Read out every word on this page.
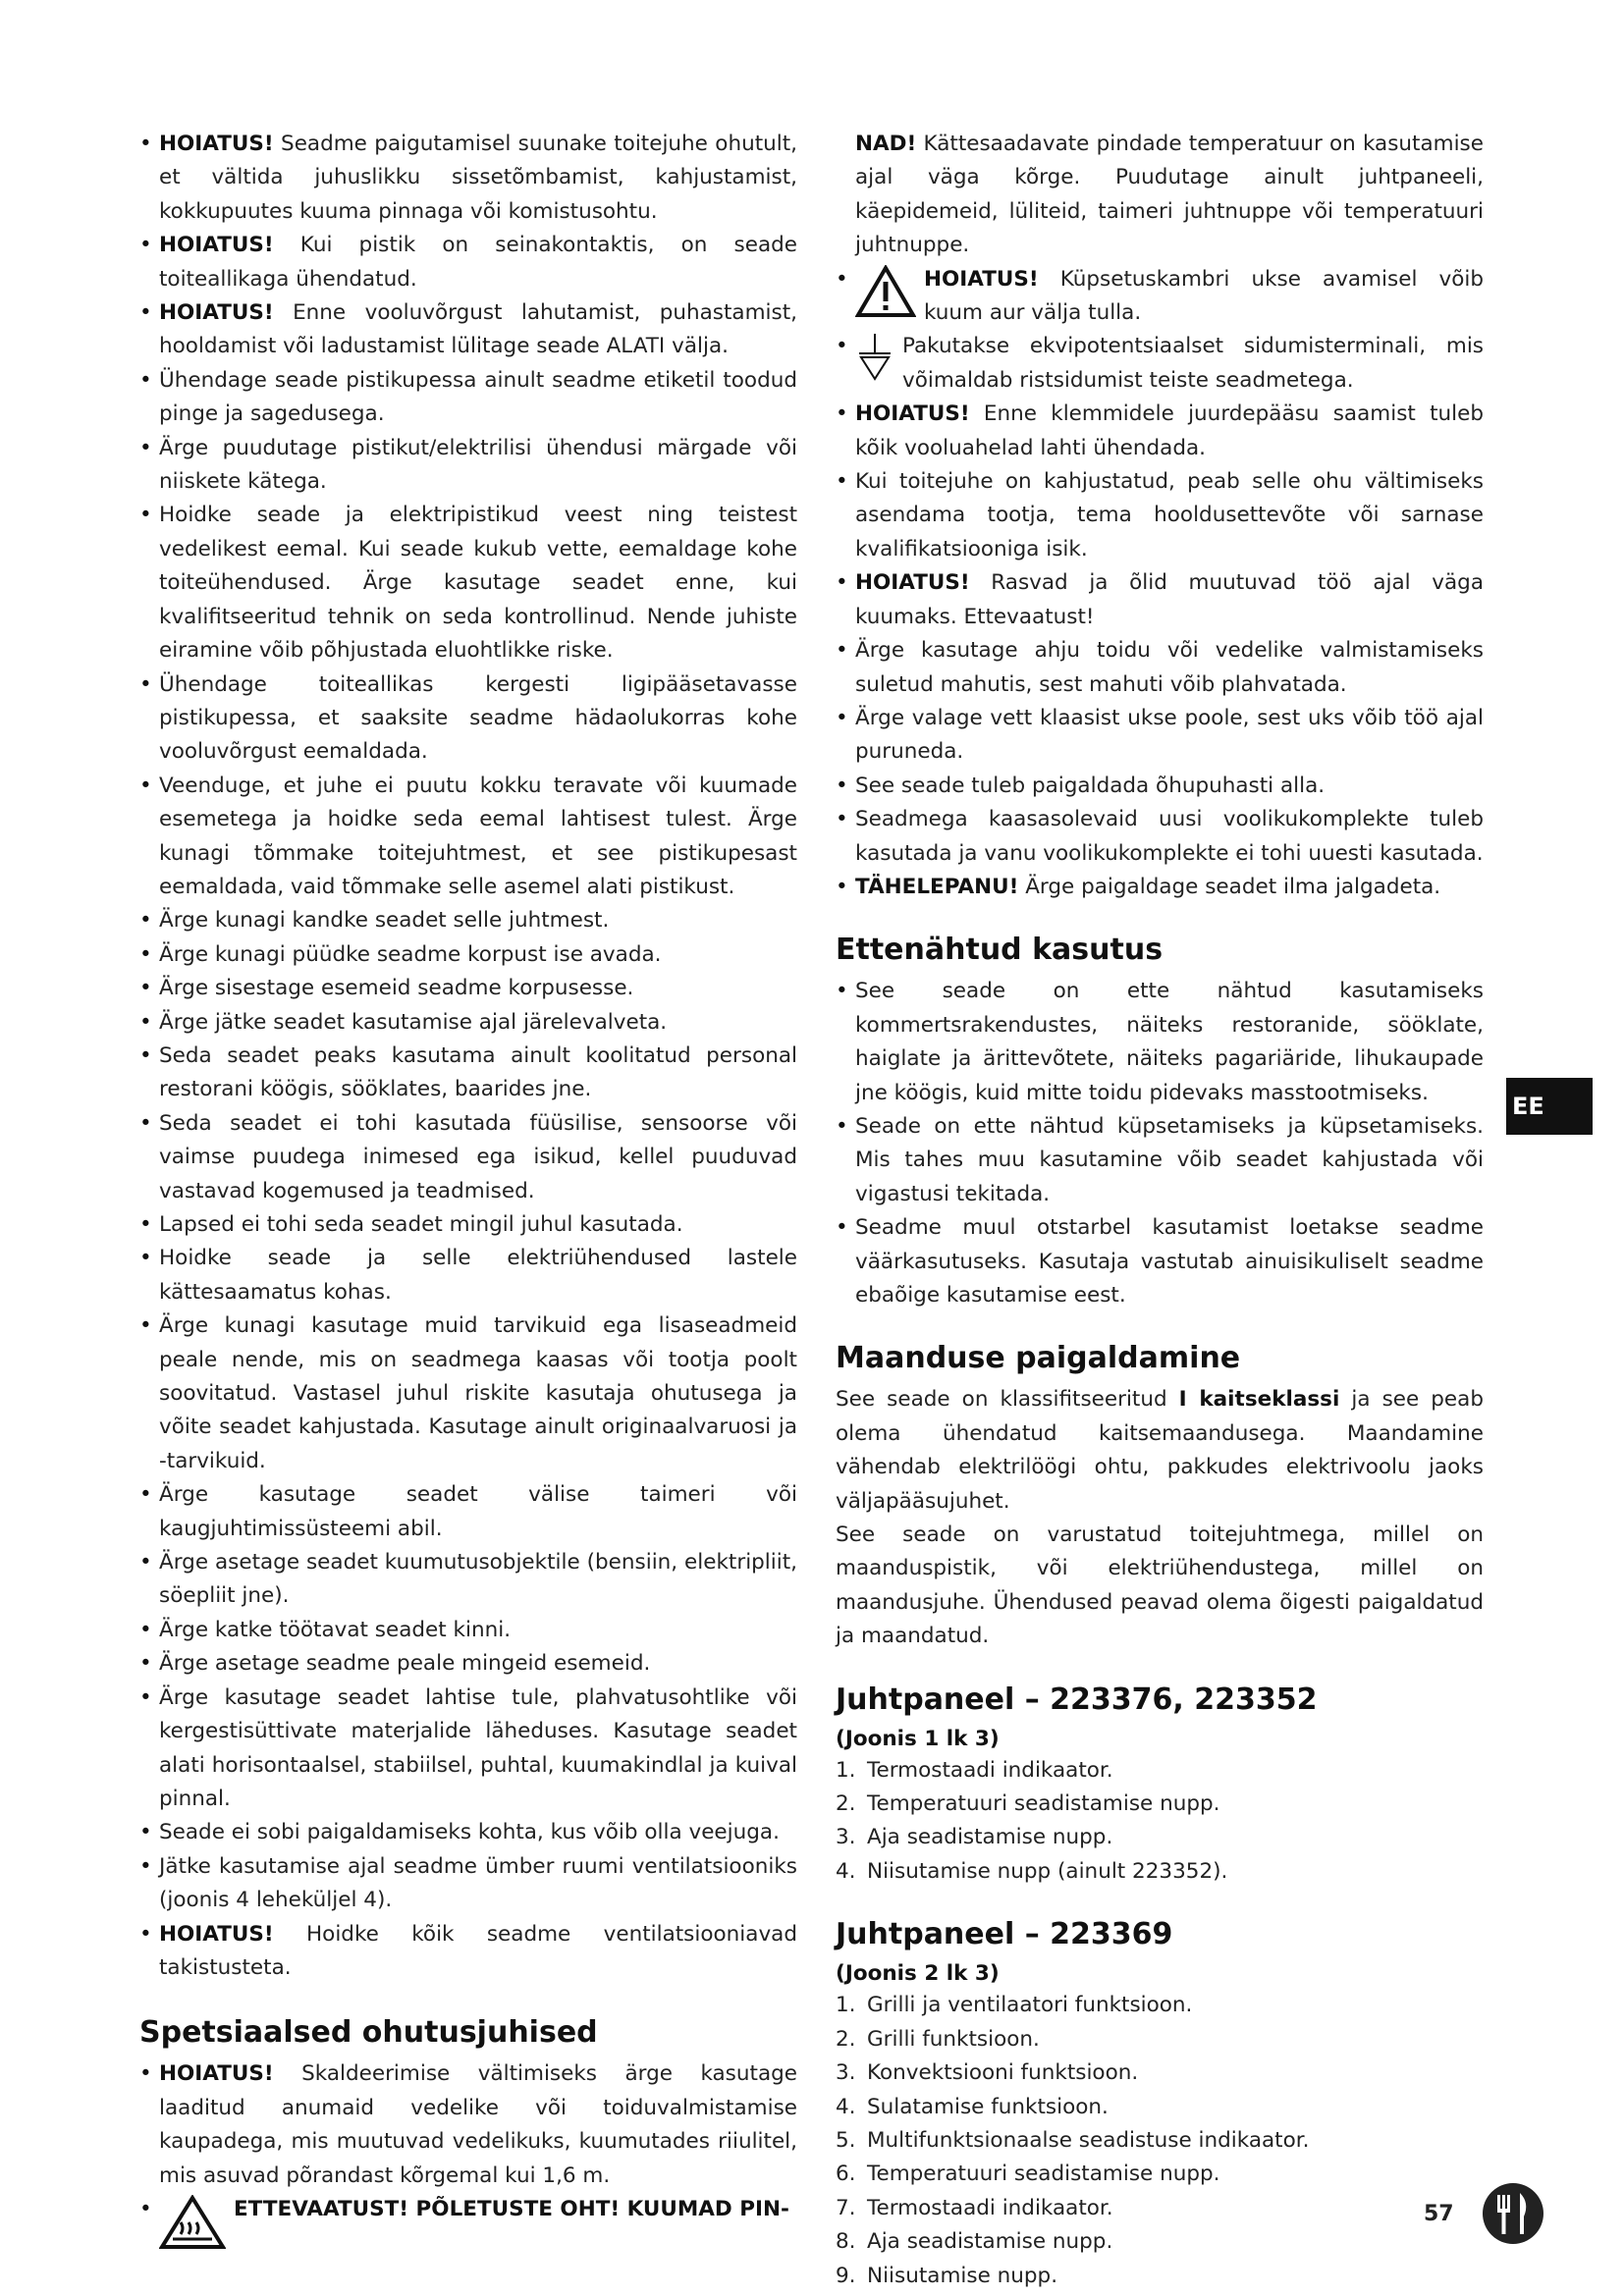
• HOIATUS! Seadme paigutamisel suunake toitejuhe ohutult, et vältida juhuslikku sissetõmbamist, kahjustamist, kokkupuutes kuuma pinnaga või komistusohtu.
• HOIATUS! Kui pistik on seinakontaktis, on seade toiteallikaga ühendatud.
• HOIATUS! Enne vooluvõrgust lahutamist, puhastamist, hooldamist või ladustamist lülitage seade ALATI välja.
• Ühendage seade pistikupessa ainult seadme etiketil toodud pinge ja sagedusega.
• Ärge puudutage pistikut/elektrilisi ühendusi märgade või niiskete kätega.
• Hoidke seade ja elektripistikud veest ning teistest vedelikest eemal. Kui seade kukub vette, eemaldage kohe toiteühendused. Ärge kasutage seadet enne, kui kvalifitseeritud tehnik on seda kontrollinud. Nende juhiste eiramine võib põhjustada eluohtlikke riske.
• Ühendage toiteallikas kergesti ligipääsetavasse pistikupessa, et saaksite seadme hädaolukorras kohe vooluvõrgust eemaldada.
• Veenduge, et juhe ei puutu kokku teravate või kuumade esemetega ja hoidke seda eemal lahtisest tulest. Ärge kunagi tõmmake toitejuhtmest, et see pistikupesast eemaldada, vaid tõmmake selle asemel alati pistikust.
• Ärge kunagi kandke seadet selle juhtmest.
• Ärge kunagi püüdke seadme korpust ise avada.
• Ärge sisestage esemeid seadme korpusesse.
• Ärge jätke seadet kasutamise ajal järelevalveta.
• Seda seadet peaks kasutama ainult koolitatud personal restorani köögis, sööklates, baarides jne.
• Seda seadet ei tohi kasutada füüsilise, sensoorse või vaimse puudega inimesed ega isikud, kellel puuduvad vastavad kogemused ja teadmised.
• Lapsed ei tohi seda seadet mingil juhul kasutada.
• Hoidke seade ja selle elektriühendused lastele kättesaamatus kohas.
• Ärge kunagi kasutage muid tarvikuid ega lisaseadmeid peale nende, mis on seadmega kaasas või tootja poolt soovitatud. Vastasel juhul riskite kasutaja ohutusega ja võite seadet kahjustada. Kasutage ainult originaalvaruosi ja -tarvikuid.
• Ärge kasutage seadet välise taimeri või kaugjuhtimissüsteemi abil.
• Ärge asetage seadet kuumutusobjektile (bensiin, elektripliit, söepliit jne).
• Ärge katke töötavat seadet kinni.
• Ärge asetage seadme peale mingeid esemeid.
• Ärge kasutage seadet lahtise tule, plahvatusohtlike või kergestisüttivate materjalide läheduses. Kasutage seadet alati horisontaalsel, stabiilsel, puhtal, kuumakindlal ja kuival pinnal.
• Seade ei sobi paigaldamiseks kohta, kus võib olla veejuga.
• Jätke kasutamise ajal seadme ümber ruumi ventilatsiooniks (joonis 4 leheküljel 4).
• HOIATUS! Hoidke kõik seadme ventilatsiooniavad takistusteta.
Spetsiaalsed ohutusjuhised
• HOIATUS! Skaldeerimise vältimiseks ärge kasutage laaditud anumaid vedelike või toiduvalmistamise kaupadega, mis muutuvad vedelikuks, kuumutades riiulitel, mis asuvad põrandast kõrgemal kui 1,6 m.
• ETTEVAATUST! PÕLETUSTE OHT! KUUMAD PIN-

NAD! Kättesaadavate pindade temperatuur on kasutamise ajal väga kõrge. Puudutage ainult juhtpaneeli, käepidemeid, lüliteid, taimeri juhtnuppe või temperatuuri juhtnuppe.

• HOIATUS! Küpsetuskambri ukse avamisel võib kuum aur välja tulla.
• Pakutakse ekvipotentsiaalset sidumisterminali, mis võimaldab ristsidumist teiste seadmetega.
• HOIATUS! Enne klemmidele juurdepääsu saamist tuleb kõik vooluahelad lahti ühendada.
• Kui toitejuhe on kahjustatud, peab selle ohu vältimiseks asendama tootja, tema hooldusettevõte või sarnase kvalifikatsiooniga isik.
• HOIATUS! Rasvad ja õlid muutuvad töö ajal väga kuumaks. Ettevaatust!
• Ärge kasutage ahju toidu või vedelike valmistamiseks suletud mahutis, sest mahuti võib plahvatada.
• Ärge valage vett klaasist ukse poole, sest uks võib töö ajal puruneda.
• See seade tuleb paigaldada õhupuhasti alla.
• Seadmega kaasasolevaid uusi voolikukomplekte tuleb kasutada ja vanu voolikukomplekte ei tohi uuesti kasutada.
• TÄHELEPANU! Ärge paigaldage seadet ilma jalgadeta.
Ettenähtud kasutus
• See seade on ette nähtud kasutamiseks kommertsrakendustes, näiteks restoranide, sööklate, haiglate ja ärittevõtete, näiteks pagariäride, lihukaupade jne köögis, kuid mitte toidu pidevaks masstootmiseks.
• Seade on ette nähtud küpsetamiseks ja küpsetamiseks. Mis tahes muu kasutamine võib seadet kahjustada või vigastusi tekitada.
• Seadme muul otstarbel kasutamist loetakse seadme väärkasutuseks. Kasutaja vastutab ainuisikuliselt seadme ebaõige kasutamise eest.
Maanduse paigaldamine

See seade on klassifitseeritud I kaitseklassi ja see peab olema ühendatud kaitsemaandusega. Maandamine vähendab elektrilöögi ohtu, pakkudes elektrivoolu jaoks väljapääsujuhet.

See seade on varustatud toitejuhtmega, millel on maanduspistik, või elektriühendustega, millel on maandusjuhe. Ühendused peavad olema õigesti paigaldatud ja maandatud.

Juhtpaneel – 223376, 223352
(Joonis 1 lk 3)
1. Termostaadi indikaator.
2. Temperatuuri seadistamise nupp.
3. Aja seadistamise nupp.
4. Niisutamise nupp (ainult 223352).
Juhtpaneel – 223369
(Joonis 2 lk 3)
1. Grilli ja ventilaatori funktsioon.
2. Grilli funktsioon.
3. Konvektsiooni funktsioon.
4. Sulatamise funktsioon.
5. Multifunktsionaalse seadistuse indikaator.
6. Temperatuuri seadistamise nupp.
7. Termostaadi indikaator.
8. Aja seadistamise nupp.
9. Niisutamise nupp.
EE
57
